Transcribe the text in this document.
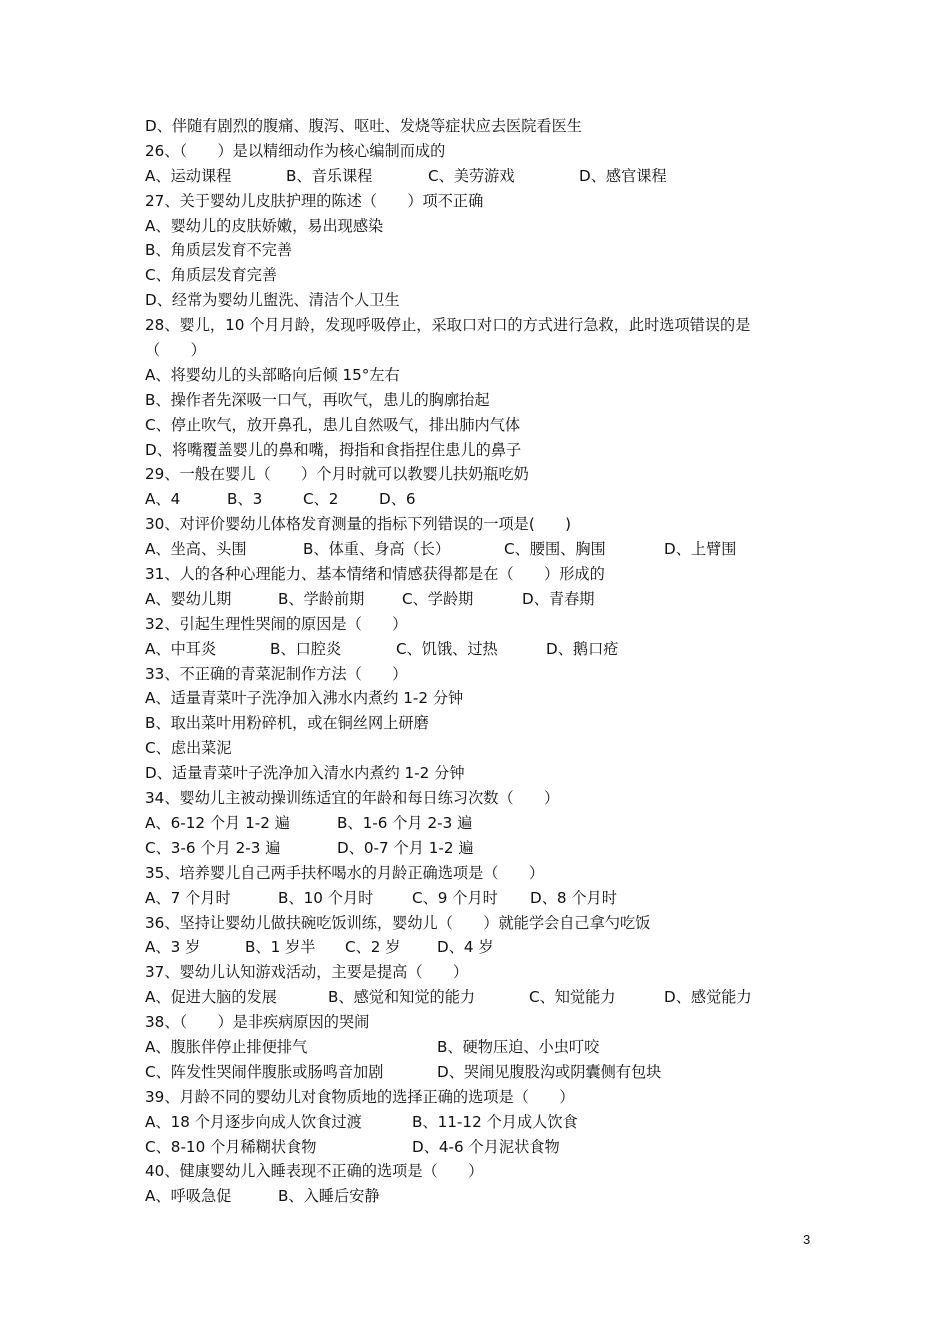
D、伴随有剧烈的腹痛、腹泻、呕吐、发烧等症状应去医院看医生
26、（　　）是以精细动作为核心编制而成的
A、运动课程	B、音乐课程	C、美劳游戏	D、感官课程
27、关于婴幼儿皮肤护理的陈述（　　）项不正确
A、婴幼儿的皮肤娇嫩，易出现感染
B、角质层发育不完善
C、角质层发育完善
D、经常为婴幼儿盥洗、清洁个人卫生
28、婴儿，10 个月月龄，发现呼吸停止，采取口对口的方式进行急救，此时选项错误的是
（　　）
A、将婴幼儿的头部略向后倾 15°左右
B、操作者先深吸一口气，再吹气，患儿的胸廓抬起
C、停止吹气，放开鼻孔，患儿自然吸气，排出肺内气体
D、将嘴覆盖婴儿的鼻和嘴，拇指和食指捏住患儿的鼻子
29、一般在婴儿（　　）个月时就可以教婴儿扶奶瓶吃奶
A、4	B、3	C、2	D、6
30、对评价婴幼儿体格发育测量的指标下列错误的一项是(　　)
A、坐高、头围	B、体重、身高（长）	C、腰围、胸围	D、上臂围
31、人的各种心理能力、基本情绪和情感获得都是在（　　）形成的
A、婴幼儿期	B、学龄前期 C、学龄期	D、青春期
32、引起生理性哭闹的原因是（　　）
A、中耳炎	B、口腔炎	C、饥饿、过热	D、鹅口疮
33、不正确的青菜泥制作方法（　　）
A、适量青菜叶子洗净加入沸水内煮约 1-2 分钟
B、取出菜叶用粉碎机，或在铜丝网上研磨
C、虑出菜泥
D、适量青菜叶子洗净加入清水内煮约 1-2 分钟
34、婴幼儿主被动操训练适宜的年龄和每日练习次数（　　）
A、6-12 个月 1-2 遍	B、1-6 个月 2-3 遍
C、3-6 个月 2-3 遍	D、0-7 个月 1-2 遍
35、培养婴儿自己两手扶杯喝水的月龄正确选项是（　　）
A、7 个月时	B、10 个月时	C、9 个月时 D、8 个月时
36、坚持让婴幼儿做扶碗吃饭训练，婴幼儿（　　）就能学会自己拿勺吃饭
A、3 岁	B、1 岁半 C、2 岁 D、4 岁
37、婴幼儿认知游戏活动，主要是提高（　　）
A、促进大脑的发展	B、感觉和知觉的能力	C、知觉能力	D、感觉能力
38、（　　）是非疾病原因的哭闹
A、腹胀伴停止排便排气	B、硬物压迫、小虫叮咬
C、阵发性哭闹伴腹胀或肠鸣音加剧	D、哭闹见腹股沟或阴囊侧有包块
39、月龄不同的婴幼儿对食物质地的选择正确的选项是（　　）
A、18 个月逐步向成人饮食过渡	B、11-12 个月成人饮食
C、8-10 个月稀糊状食物	D、4-6 个月泥状食物
40、健康婴幼儿入睡表现不正确的选项是（　　）
A、呼吸急促	B、入睡后安静
3
